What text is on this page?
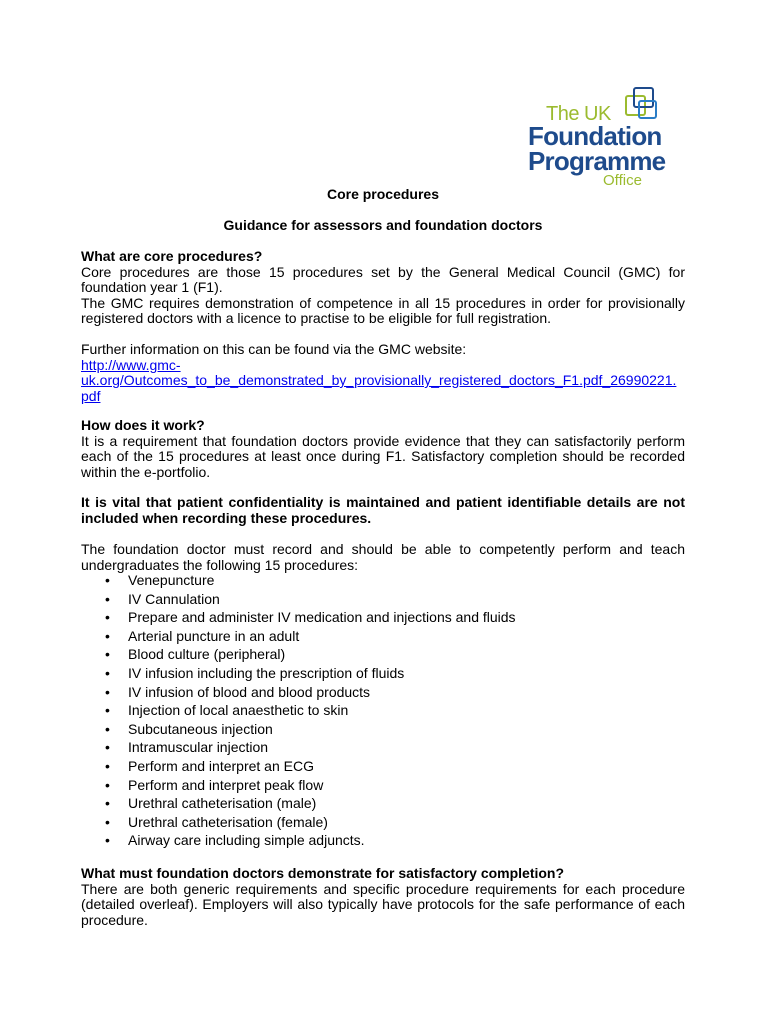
The UK
Foundation
Programme
Office
Core procedures
Guidance for assessors and foundation doctors
What are core procedures?
Core procedures are those 15 procedures set by the General Medical Council (GMC) for foundation year 1 (F1).
The GMC requires demonstration of competence in all 15 procedures in order for provisionally registered doctors with a licence to practise to be eligible for full registration.
Further information on this can be found via the GMC website:
http://www.gmc-
uk.org/Outcomes_to_be_demonstrated_by_provisionally_registered_doctors_F1.pdf_26990221.
pdf
How does it work?
It is a requirement that foundation doctors provide evidence that they can satisfactorily perform each of the 15 procedures at least once during F1. Satisfactory completion should be recorded within the e-portfolio.
It is vital that patient confidentiality is maintained and patient identifiable details are not included when recording these procedures.
The foundation doctor must record and should be able to competently perform and teach undergraduates the following 15 procedures:
• Venepuncture
• IV Cannulation
• Prepare and administer IV medication and injections and fluids
• Arterial puncture in an adult
• Blood culture (peripheral)
• IV infusion including the prescription of fluids
• IV infusion of blood and blood products
• Injection of local anaesthetic to skin
• Subcutaneous injection
• Intramuscular injection
• Perform and interpret an ECG
• Perform and interpret peak flow
• Urethral catheterisation (male)
• Urethral catheterisation (female)
• Airway care including simple adjuncts.
What must foundation doctors demonstrate for satisfactory completion?
There are both generic requirements and specific procedure requirements for each procedure (detailed overleaf). Employers will also typically have protocols for the safe performance of each procedure.
